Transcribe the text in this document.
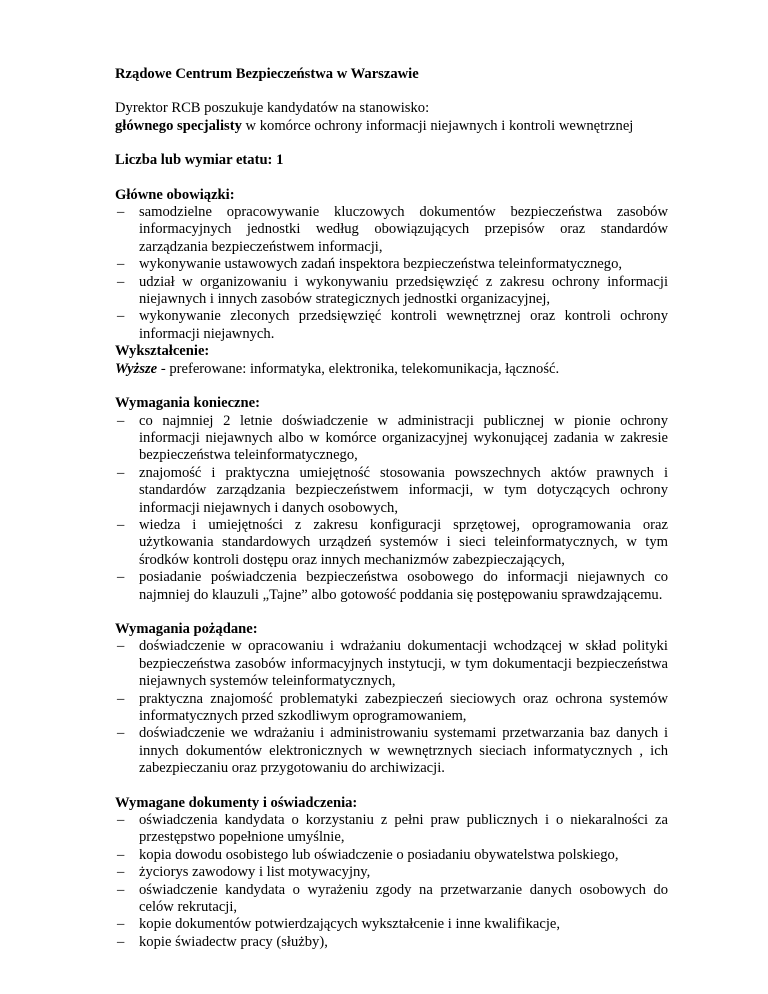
Rządowe Centrum Bezpieczeństwa w Warszawie

Dyrektor RCB poszukuje kandydatów na stanowisko:

głównego specjalisty w komórce ochrony informacji niejawnych i kontroli wewnętrznej

Liczba lub wymiar etatu: 1

Główne obowiązki:

– samodzielne opracowywanie kluczowych dokumentów bezpieczeństwa zasobów informacyjnych jednostki według obowiązujących przepisów oraz standardów zarządzania bezpieczeństwem informacji,
– wykonywanie ustawowych zadań inspektora bezpieczeństwa teleinformatycznego,
– udział w organizowaniu i wykonywaniu przedsięwzięć z zakresu ochrony informacji niejawnych i innych zasobów strategicznych jednostki organizacyjnej,
– wykonywanie zleconych przedsięwzięć kontroli wewnętrznej oraz kontroli ochrony informacji niejawnych.

Wykształcenie:

Wyższe - preferowane: informatyka, elektronika, telekomunikacja, łączność.

Wymagania konieczne:

– co najmniej 2 letnie doświadczenie w administracji publicznej w pionie ochrony informacji niejawnych albo w komórce organizacyjnej wykonującej zadania w zakresie bezpieczeństwa teleinformatycznego,
– znajomość i praktyczna umiejętność stosowania powszechnych aktów prawnych i standardów zarządzania bezpieczeństwem informacji, w tym dotyczących ochrony informacji niejawnych i danych osobowych,
– wiedza i umiejętności z zakresu konfiguracji sprzętowej, oprogramowania oraz użytkowania standardowych urządzeń systemów i sieci teleinformatycznych, w tym środków kontroli dostępu oraz innych mechanizmów zabezpieczających,
– posiadanie poświadczenia bezpieczeństwa osobowego do informacji niejawnych co najmniej do klauzuli „Tajne” albo gotowość poddania się postępowaniu sprawdzającemu.

Wymagania pożądane:

– doświadczenie w opracowaniu i wdrażaniu dokumentacji wchodzącej w skład polityki bezpieczeństwa zasobów informacyjnych instytucji, w tym dokumentacji bezpieczeństwa niejawnych systemów teleinformatycznych,
– praktyczna znajomość problematyki zabezpieczeń sieciowych oraz ochrona systemów informatycznych przed szkodliwym oprogramowaniem,
– doświadczenie we wdrażaniu i administrowaniu systemami przetwarzania baz danych i innych dokumentów elektronicznych w wewnętrznych sieciach informatycznych , ich zabezpieczaniu oraz przygotowaniu do archiwizacji.

Wymagane dokumenty i oświadczenia:

– oświadczenia kandydata o korzystaniu z pełni praw publicznych i o niekaralności za przestępstwo popełnione umyślnie,
– kopia dowodu osobistego lub oświadczenie o posiadaniu obywatelstwa polskiego,
– życiorys zawodowy i list motywacyjny,
– oświadczenie kandydata o wyrażeniu zgody na przetwarzanie danych osobowych do celów rekrutacji,
– kopie dokumentów potwierdzających wykształcenie i inne kwalifikacje,
– kopie świadectw pracy (służby),
